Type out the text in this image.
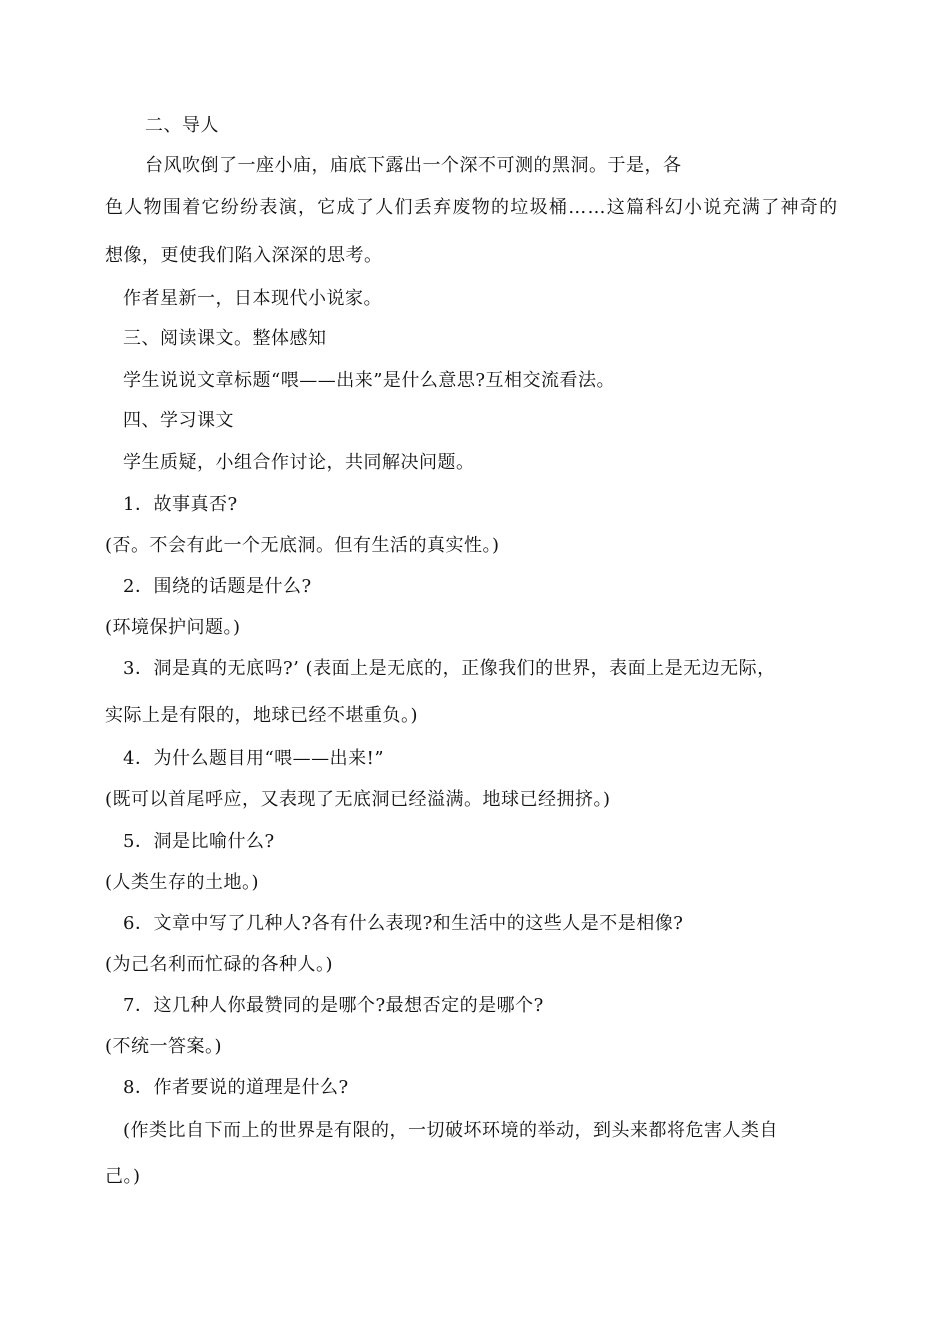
二、导人
台风吹倒了一座小庙，庙底下露出一个深不可测的黑洞。于是，各
色人物围着它纷纷表演，它成了人们丢弃废物的垃圾桶……这篇科幻小说充满了神奇的
想像，更使我们陷入深深的思考。
作者星新一，日本现代小说家。
三、阅读课文。整体感知
学生说说文章标题“喂——出来”是什么意思?互相交流看法。
四、学习课文
学生质疑，小组合作讨论，共同解决问题。
1．故事真否?
(否。不会有此一个无底洞。但有生活的真实性。)
2．围绕的话题是什么?
(环境保护问题。)
3．洞是真的无底吗?’ (表面上是无底的，正像我们的世界，表面上是无边无际，
实际上是有限的，地球已经不堪重负。)
4．为什么题目用“喂——出来!”
(既可以首尾呼应，又表现了无底洞已经溢满。地球已经拥挤。)
5．洞是比喻什么?
(人类生存的土地。)
6．文章中写了几种人?各有什么表现?和生活中的这些人是不是相像?
(为己名利而忙碌的各种人。)
7．这几种人你最赞同的是哪个?最想否定的是哪个?
(不统一答案。)
8．作者要说的道理是什么?
(作类比自下而上的世界是有限的，一切破坏环境的举动，到头来都将危害人类自
己。)
